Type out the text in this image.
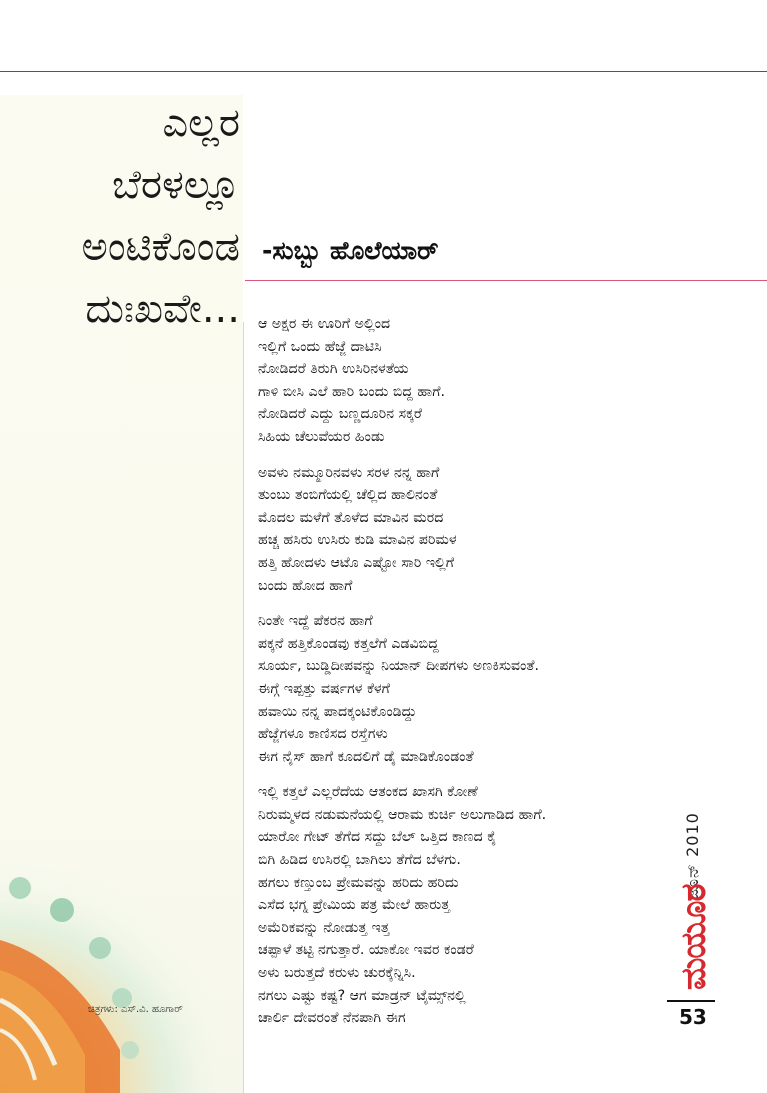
ಎಲ್ಲರ
ಬೆರಳಲ್ಲೂ
ಅಂಟಿಕೊಂಡ
ದುಃಖವೇ...
-ಸುಬ್ಬು ಹೊಲೆಯಾರ್
ಆ ಅಕ್ಷರ ಈ ಊರಿಗೆ ಅಲ್ಲಿಂದ
ಇಲ್ಲಿಗೆ ಒಂದು ಹೆಜ್ಜೆ ದಾಟಿಸಿ
ನೋಡಿದರೆ ತಿರುಗಿ ಉಸಿರಿನಳತೆಯ
ಗಾಳಿ ಬೀಸಿ ಎಲೆ ಹಾರಿ ಬಂದು ಬಿದ್ದ ಹಾಗೆ.
ನೋಡಿದರೆ ಎದ್ದು ಬಣ್ಣದೂರಿನ ಸಕ್ಕರೆ
ಸಿಹಿಯ ಚೆಲುವೆಯರ ಹಿಂಡು
ಅವಳು ನಮ್ಮೂರಿನವಳು ಸರಳ ನನ್ನ ಹಾಗೆ
ತುಂಬು ತಂಬಿಗೆಯಲ್ಲಿ ಚೆಲ್ಲಿದ ಹಾಲಿನಂತೆ
ಮೊದಲ ಮಳೆಗೆ ತೊಳೆದ ಮಾವಿನ ಮರದ
ಹಚ್ಚ ಹಸಿರು ಉಸಿರು ಕುಡಿ ಮಾವಿನ ಪರಿಮಳ
ಹತ್ತಿ ಹೋದಳು ಆಟೊ ಎಷ್ಟೋ ಸಾರಿ ಇಲ್ಲಿಗೆ
ಬಂದು ಹೋದ ಹಾಗೆ
ನಿಂತೇ ಇದ್ದೆ ಪೆಕರನ ಹಾಗೆ
ಪಕ್ಕನೆ ಹತ್ತಿಕೊಂಡವು ಕತ್ತಲೆಗೆ ಎಡವಿಬಿದ್ದ
ಸೂರ್ಯ, ಬುಡ್ಡಿದೀಪವನ್ನು ನಿಯಾನ್ ದೀಪಗಳು ಅಣಕಿಸುವಂತೆ.
ಈಗ್ಗೆ ಇಪ್ಪತ್ತು ವರ್ಷಗಳ ಕೆಳಗೆ
ಹವಾಯಿ ನನ್ನ ಪಾದಕ್ಕಂಟಿಕೊಂಡಿದ್ದು
ಹೆಜ್ಜೆಗಳೂ ಕಾಣಿಸದ ರಸ್ತೆಗಳು
ಈಗ ನೈಸ್ ಹಾಗೆ ಕೂದಲಿಗೆ ಡೈ ಮಾಡಿಕೊಂಡಂತೆ
ಇಲ್ಲಿ ಕತ್ತಲೆ ಎಲ್ಲರೆದೆಯ ಆತಂಕದ ಖಾಸಗಿ ಕೋಣೆ
ನಿರುಮ್ಮಳದ ನಡುಮನೆಯಲ್ಲಿ ಆರಾಮ ಕುರ್ಚಿ ಅಲುಗಾಡಿದ ಹಾಗೆ.
ಯಾರೋ ಗೇಟ್ ತೆಗೆದ ಸದ್ದು ಬೆಲ್ ಒತ್ತಿದ ಕಾಣದ ಕೈ
ಬಿಗಿ ಹಿಡಿದ ಉಸಿರಲ್ಲಿ ಬಾಗಿಲು ತೆಗೆದ ಬೆಳಗು.
ಹಗಲು ಕಣ್ತುಂಬ ಪ್ರೇಮವನ್ನು ಹರಿದು ಹರಿದು
ಎಸೆದ ಭಗ್ನ ಪ್ರೇಮಿಯ ಪತ್ರ ಮೇಲೆ ಹಾರುತ್ತ
ಅಮೆರಿಕವನ್ನು ನೋಡುತ್ತ ಇತ್ತ
ಚಪ್ಪಾಳೆ ತಟ್ಟಿ ನಗುತ್ತಾರೆ. ಯಾಕೋ ಇವರ ಕಂಡರೆ
ಅಳು ಬರುತ್ತದೆ ಕರುಳು ಚುರಕ್ಕೆನ್ನಿಸಿ.
ನಗಲು ಎಷ್ಟು ಕಷ್ಟ? ಆಗ ಮಾಡ್ರನ್ ಟೈಮ್ಸ್‌ನಲ್ಲಿ
ಚಾರ್ಲಿ ದೇವರಂತೆ ನೆನಪಾಗಿ ಈಗ
ಚಿತ್ರಗಳು: ಎಸ್.ವಿ. ಹೂಗಾರ್
ಜೂನ್ 2010
ಮಯೂರ
53
